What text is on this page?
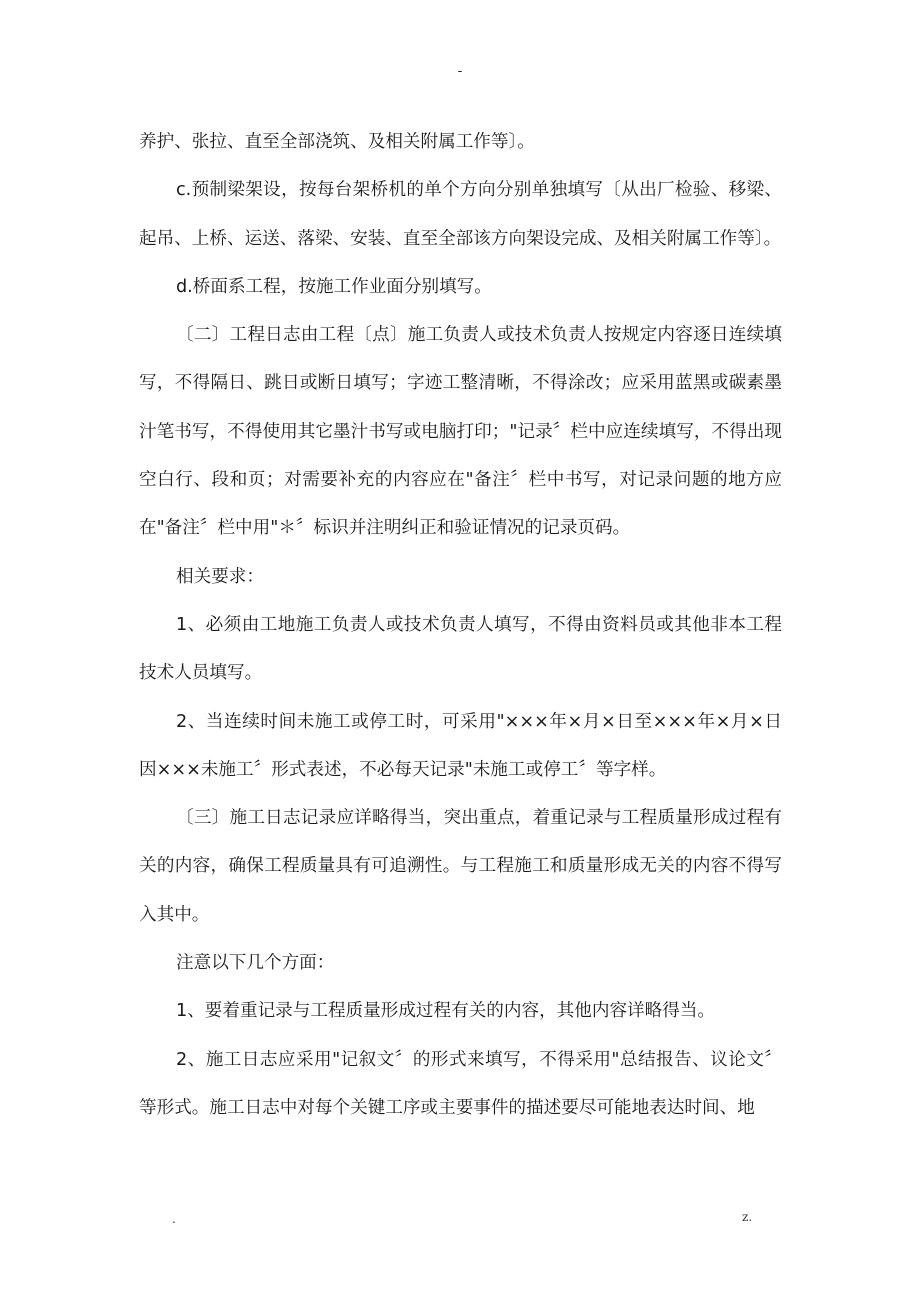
-

养护、张拉、直至全部浇筑、及相关附属工作等〕。

c.预制梁架设，按每台架桥机的单个方向分别单独填写〔从出厂检验、移梁、起吊、上桥、运送、落梁、安装、直至全部该方向架设完成、及相关附属工作等〕。

d.桥面系工程，按施工作业面分别填写。

〔二〕工程日志由工程〔点〕施工负责人或技术负责人按规定内容逐日连续填写，不得隔日、跳日或断日填写；字迹工整清晰，不得涂改；应采用蓝黑或碳素墨汁笔书写，不得使用其它墨汁书写或电脑打印；"记录〞栏中应连续填写，不得出现空白行、段和页；对需要补充的内容应在"备注〞栏中书写，对记录问题的地方应在"备注〞栏中用"＊〞标识并注明纠正和验证情况的记录页码。

相关要求：

1、必须由工地施工负责人或技术负责人填写，不得由资料员或其他非本工程技术人员填写。

2、当连续时间未施工或停工时，可采用"×××年×月×日至×××年×月×日因×××未施工〞形式表述，不必每天记录"未施工或停工〞等字样。

〔三〕施工日志记录应详略得当，突出重点，着重记录与工程质量形成过程有关的内容，确保工程质量具有可追溯性。与工程施工和质量形成无关的内容不得写入其中。

注意以下几个方面：

1、要着重记录与工程质量形成过程有关的内容，其他内容详略得当。

2、施工日志应采用"记叙文〞的形式来填写，不得采用"总结报告、议论文〞等形式。施工日志中对每个关键工序或主要事件的描述要尽可能地表达时间、地

.	z.
